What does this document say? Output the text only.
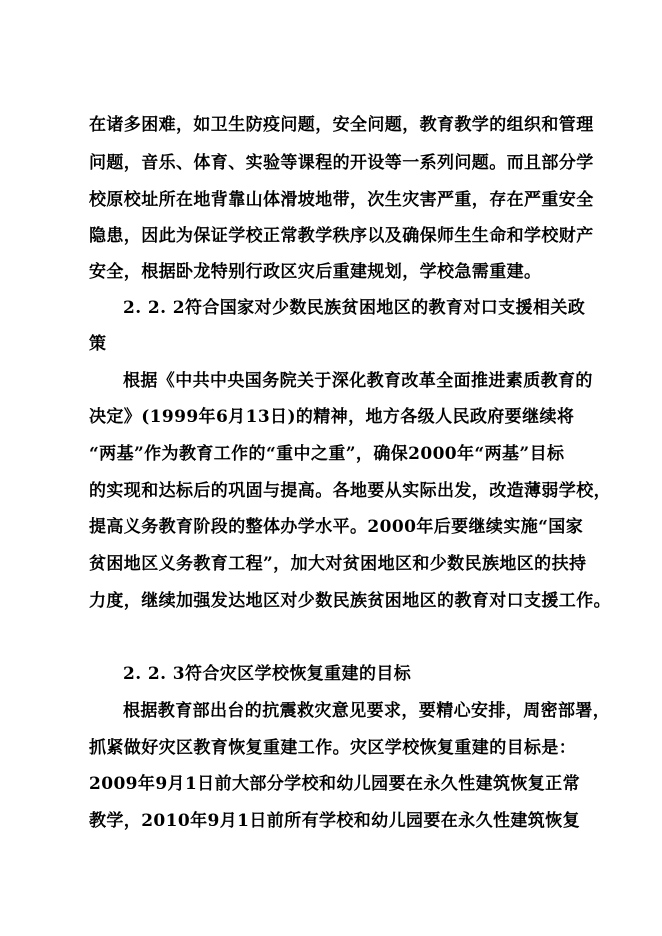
在诸多困难，如卫生防疫问题，安全问题，教育教学的组织和管理
问题，音乐、体育、实验等课程的开设等一系列问题。而且部分学
校原校址所在地背靠山体滑坡地带，次生灾害严重，存在严重安全
隐患，因此为保证学校正常教学秩序以及确保师生生命和学校财产
安全，根据卧龙特别行政区灾后重建规划，学校急需重建。
2. 2. 2符合国家对少数民族贫困地区的教育对口支援相关政
策
根据《中共中央国务院关于深化教育改革全面推进素质教育的
决定》(1999年6月13日)的精神，地方各级人民政府要继续将
“两基”作为教育工作的“重中之重”，确保2000年“两基”目标
的实现和达标后的巩固与提高。各地要从实际出发，改造薄弱学校，
提高义务教育阶段的整体办学水平。2000年后要继续实施“国家
贫困地区义务教育工程”，加大对贫困地区和少数民族地区的扶持
力度，继续加强发达地区对少数民族贫困地区的教育对口支援工作。
2. 2. 3符合灾区学校恢复重建的目标
根据教育部出台的抗震救灾意见要求，要精心安排，周密部署，
抓紧做好灾区教育恢复重建工作。灾区学校恢复重建的目标是：
2009年9月1日前大部分学校和幼儿园要在永久性建筑恢复正常
教学，2010年9月1日前所有学校和幼儿园要在永久性建筑恢复
